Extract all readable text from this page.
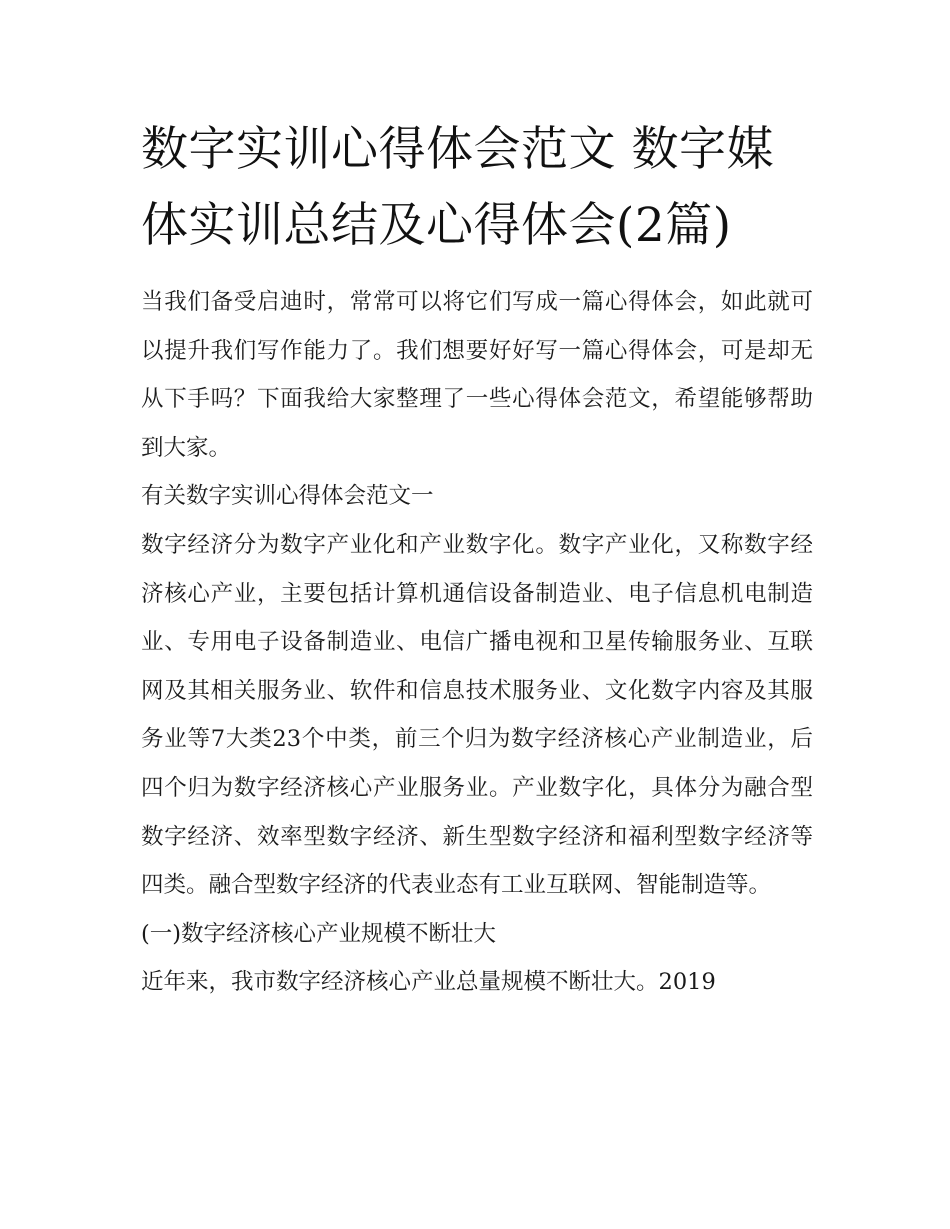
数字实训心得体会范文 数字媒体实训总结及心得体会(2篇)

当我们备受启迪时，常常可以将它们写成一篇心得体会，如此就可以提升我们写作能力了。我们想要好好写一篇心得体会，可是却无从下手吗？下面我给大家整理了一些心得体会范文，希望能够帮助到大家。

有关数字实训心得体会范文一

数字经济分为数字产业化和产业数字化。数字产业化，又称数字经济核心产业，主要包括计算机通信设备制造业、电子信息机电制造业、专用电子设备制造业、电信广播电视和卫星传输服务业、互联网及其相关服务业、软件和信息技术服务业、文化数字内容及其服务业等7大类23个中类，前三个归为数字经济核心产业制造业，后四个归为数字经济核心产业服务业。产业数字化，具体分为融合型数字经济、效率型数字经济、新生型数字经济和福利型数字经济等四类。融合型数字经济的代表业态有工业互联网、智能制造等。

(一)数字经济核心产业规模不断壮大

近年来，我市数字经济核心产业总量规模不断壮大。2019
